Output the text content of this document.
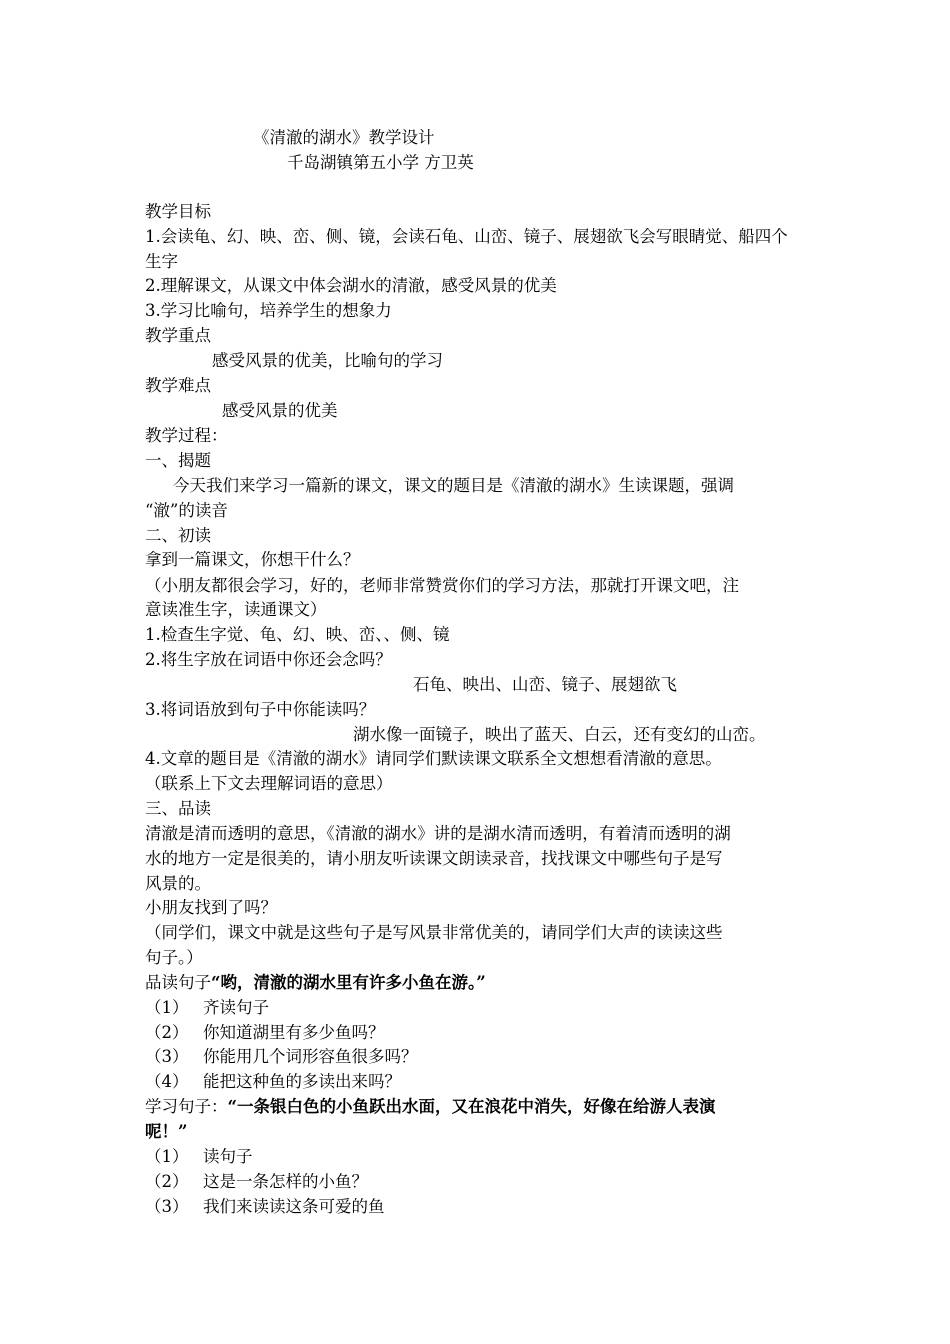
《清澈的湖水》教学设计
千岛湖镇第五小学 方卫英
教学目标
1.会读龟、幻、映、峦、侧、镜，会读石龟、山峦、镜子、展翅欲飞会写眼睛觉、船四个
生字
2.理解课文，从课文中体会湖水的清澈，感受风景的优美
3.学习比喻句，培养学生的想象力
教学重点
感受风景的优美，比喻句的学习
教学难点
感受风景的优美
教学过程：
一、揭题
今天我们来学习一篇新的课文，课文的题目是《清澈的湖水》生读课题，强调
“澈”的读音
二、初读
拿到一篇课文，你想干什么？
（小朋友都很会学习，好的，老师非常赞赏你们的学习方法，那就打开课文吧，注
意读准生字，读通课文）
1.检查生字觉、龟、幻、映、峦、、侧、镜
2.将生字放在词语中你还会念吗？
石龟、映出、山峦、镜子、展翅欲飞
3.将词语放到句子中你能读吗？
湖水像一面镜子，映出了蓝天、白云，还有变幻的山峦。
4.文章的题目是《清澈的湖水》请同学们默读课文联系全文想想看清澈的意思。
（联系上下文去理解词语的意思）
三、品读
清澈是清而透明的意思，《清澈的湖水》讲的是湖水清而透明，有着清而透明的湖
水的地方一定是很美的，请小朋友听读课文朗读录音，找找课文中哪些句子是写
风景的。
小朋友找到了吗？
（同学们，课文中就是这些句子是写风景非常优美的，请同学们大声的读读这些
句子。）
品读句子“哟，清澈的湖水里有许多小鱼在游。”
（1） 齐读句子
（2） 你知道湖里有多少鱼吗？
（3） 你能用几个词形容鱼很多吗？
（4） 能把这种鱼的多读出来吗？
学习句子：“一条银白色的小鱼跃出水面，又在浪花中消失，好像在给游人表演
呢！”
（1） 读句子
（2） 这是一条怎样的小鱼？
（3） 我们来读读这条可爱的鱼
